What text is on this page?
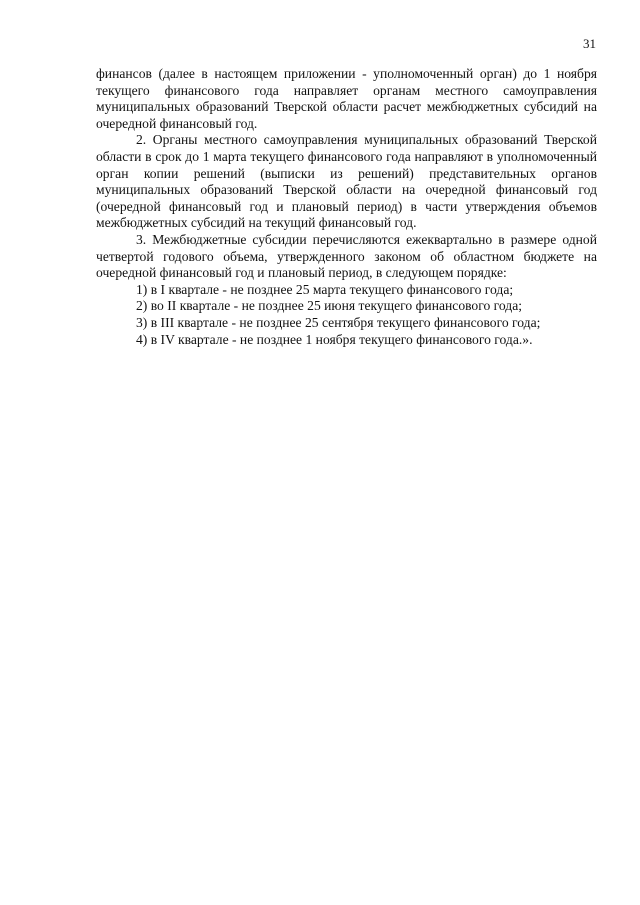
31

финансов (далее в настоящем приложении - уполномоченный орган) до 1 ноября текущего финансового года направляет органам местного самоуправления муниципальных образований Тверской области расчет межбюджетных субсидий на очередной финансовый год.

2. Органы местного самоуправления муниципальных образований Тверской области в срок до 1 марта текущего финансового года направляют в уполномоченный орган копии решений (выписки из решений) представительных органов муниципальных образований Тверской области на очередной финансовый год (очередной финансовый год и плановый период) в части утверждения объемов межбюджетных субсидий на текущий финансовый год.

3. Межбюджетные субсидии перечисляются ежеквартально в размере одной четвертой годового объема, утвержденного законом об областном бюджете на очередной финансовый год и плановый период, в следующем порядке:

1) в I квартале - не позднее 25 марта текущего финансового года;

2) во II квартале - не позднее 25 июня текущего финансового года;

3) в III квартале - не позднее 25 сентября текущего финансового года;

4) в IV квартале - не позднее 1 ноября текущего финансового года.».
